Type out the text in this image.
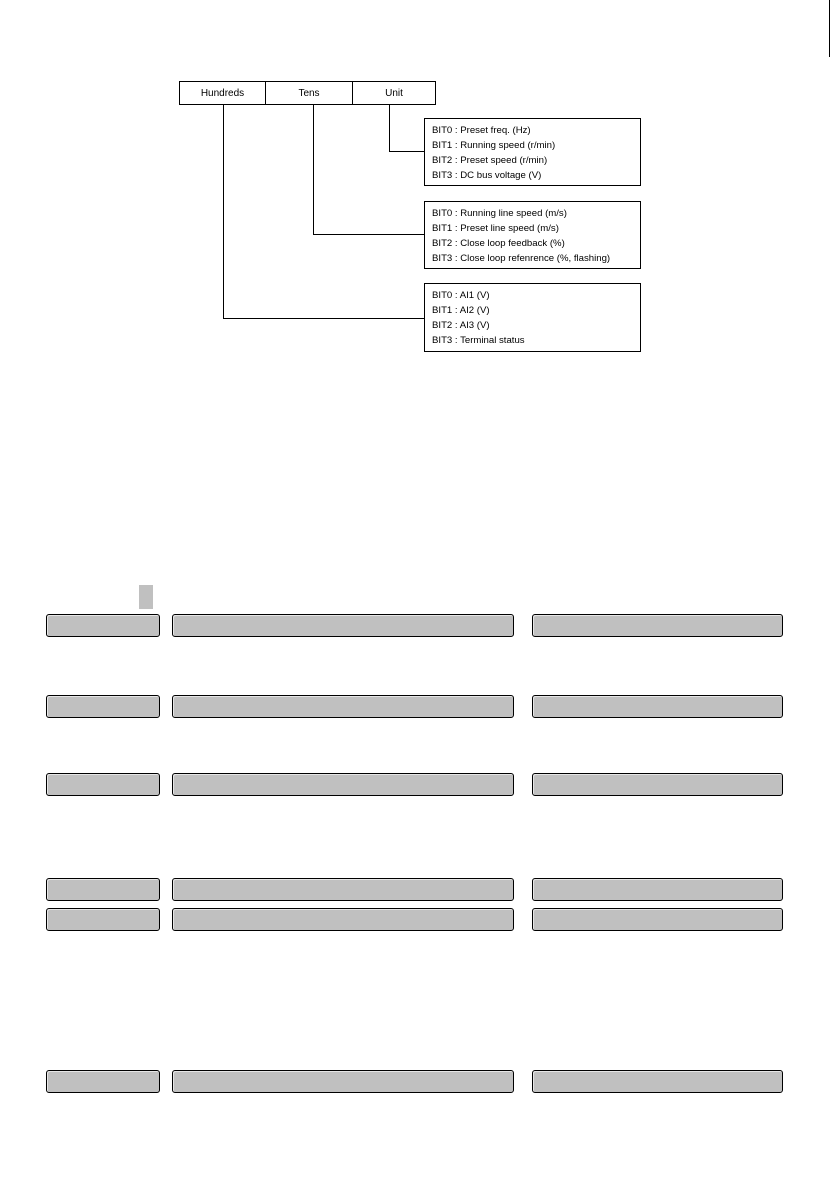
Hundreds	Tens	Unit
BIT0 : Preset freq. (Hz)
BIT1 : Running speed (r/min)
BIT2 : Preset speed (r/min)
BIT3 : DC bus voltage (V)
BIT0 : Running line speed (m/s)
BIT1 : Preset line speed (m/s)
BIT2 : Close loop feedback (%)
BIT3 : Close loop refenrence (%, flashing)
BIT0 : AI1 (V)
BIT1 : AI2 (V)
BIT2 : AI3 (V)
BIT3 : Terminal status
